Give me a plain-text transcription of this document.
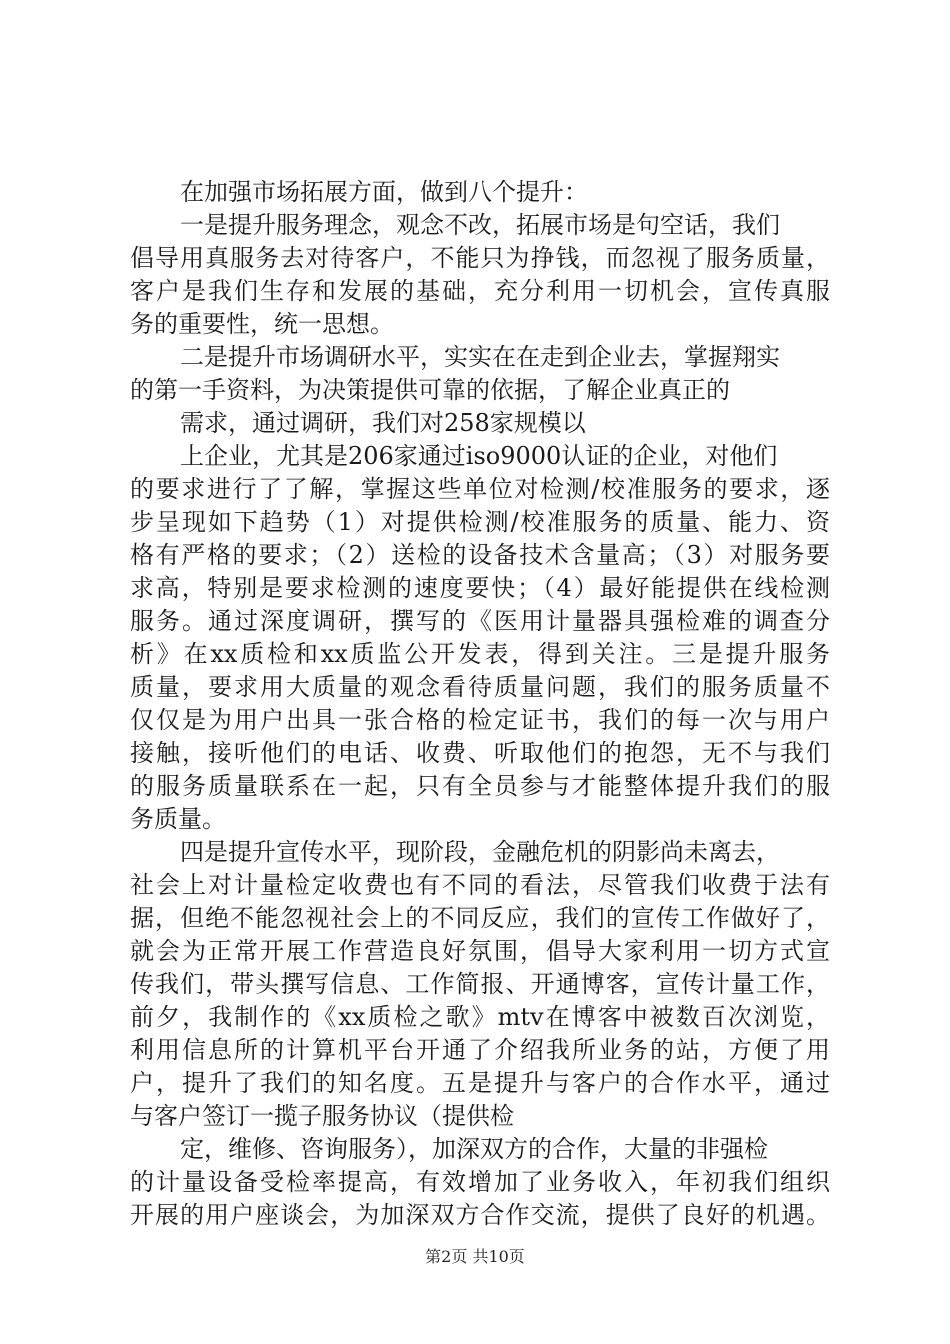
在加强市场拓展方面，做到八个提升：
一是提升服务理念，观念不改，拓展市场是句空话，我们
倡导用真服务去对待客户，不能只为挣钱，而忽视了服务质量，
客户是我们生存和发展的基础，充分利用一切机会，宣传真服
务的重要性，统一思想。
二是提升市场调研水平，实实在在走到企业去，掌握翔实
的第一手资料，为决策提供可靠的依据，了解企业真正的
需求，通过调研，我们对258家规模以
上企业，尤其是206家通过iso9000认证的企业，对他们
的要求进行了了解，掌握这些单位对检测/校准服务的要求，逐
步呈现如下趋势（1）对提供检测/校准服务的质量、能力、资
格有严格的要求；（2）送检的设备技术含量高；（3）对服务要
求高，特别是要求检测的速度要快；（4）最好能提供在线检测
服务。通过深度调研，撰写的《医用计量器具强检难的调查分
析》在xx质检和xx质监公开发表，得到关注。三是提升服务
质量，要求用大质量的观念看待质量问题，我们的服务质量不
仅仅是为用户出具一张合格的检定证书，我们的每一次与用户
接触，接听他们的电话、收费、听取他们的抱怨，无不与我们
的服务质量联系在一起，只有全员参与才能整体提升我们的服
务质量。
四是提升宣传水平，现阶段，金融危机的阴影尚未离去，
社会上对计量检定收费也有不同的看法，尽管我们收费于法有
据，但绝不能忽视社会上的不同反应，我们的宣传工作做好了，
就会为正常开展工作营造良好氛围，倡导大家利用一切方式宣
传我们，带头撰写信息、工作简报、开通博客，宣传计量工作，
前夕，我制作的《xx质检之歌》mtv在博客中被数百次浏览，
利用信息所的计算机平台开通了介绍我所业务的站，方便了用
户，提升了我们的知名度。五是提升与客户的合作水平，通过
与客户签订一揽子服务协议（提供检
定，维修、咨询服务），加深双方的合作，大量的非强检
的计量设备受检率提高，有效增加了业务收入，年初我们组织
开展的用户座谈会，为加深双方合作交流，提供了良好的机遇。
第2页 共10页
